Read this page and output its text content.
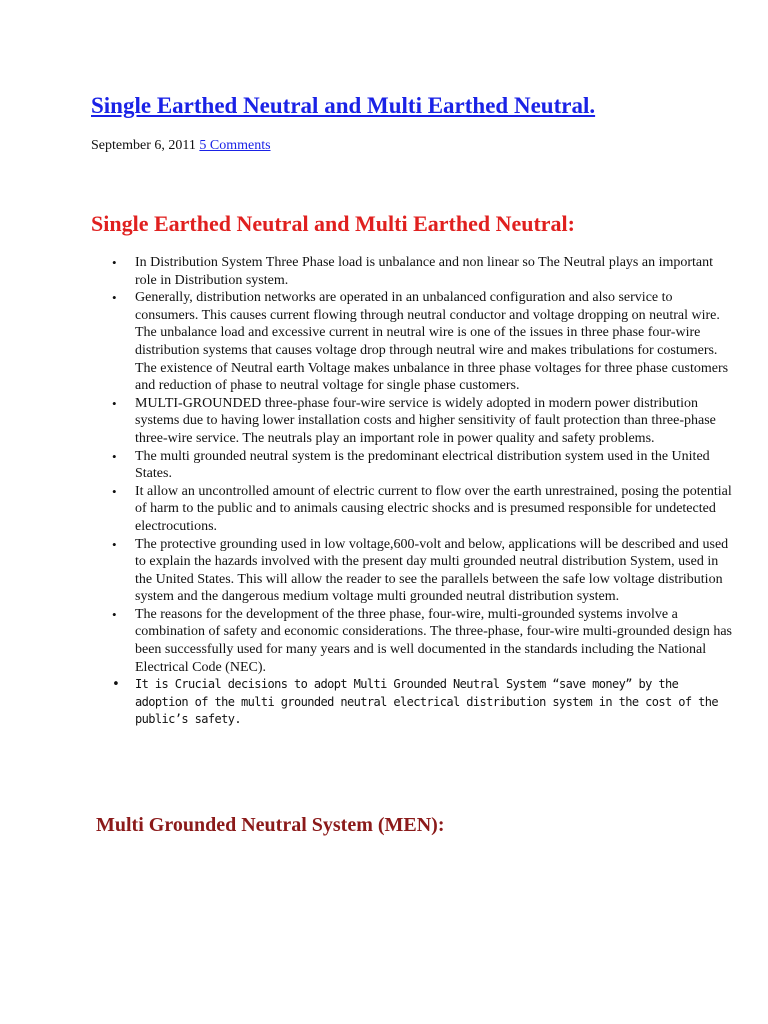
Single Earthed Neutral and Multi Earthed Neutral.
September 6, 2011 5 Comments
Single Earthed Neutral and Multi Earthed Neutral:
• In Distribution System Three Phase load is unbalance and non linear so The Neutral plays an important role in Distribution system.
• Generally, distribution networks are operated in an unbalanced configuration and also service to consumers. This causes current flowing through neutral conductor and voltage dropping on neutral wire. The unbalance load and excessive current in neutral wire is one of the issues in three phase four-wire distribution systems that causes voltage drop through neutral wire and makes tribulations for costumers. The existence of Neutral earth Voltage makes unbalance in three phase voltages for three phase customers and reduction of phase to neutral voltage for single phase customers.
• MULTI-GROUNDED three-phase four-wire service is widely adopted in modern power distribution systems due to having lower installation costs and higher sensitivity of fault protection than three-phase three-wire service. The neutrals play an important role in power quality and safety problems.
• The multi grounded neutral system is the predominant electrical distribution system used in the United States.
• It allow an uncontrolled amount of electric current to flow over the earth unrestrained, posing the potential of harm to the public and to animals causing electric shocks and is presumed responsible for undetected electrocutions.
• The protective grounding used in low voltage,600-volt and below, applications will be described and used to explain the hazards involved with the present day multi grounded neutral distribution System, used in the United States. This will allow the reader to see the parallels between the safe low voltage distribution system and the dangerous medium voltage multi grounded neutral distribution system.
• The reasons for the development of the three phase, four-wire, multi-grounded systems involve a combination of safety and economic considerations. The three-phase, four-wire multi-grounded design has been successfully used for many years and is well documented in the standards including the National Electrical Code (NEC).
• It is Crucial decisions to adopt Multi Grounded Neutral System “save money” by the adoption of the multi grounded neutral electrical distribution system in the cost of the public’s safety.
Multi Grounded Neutral System (MEN):
